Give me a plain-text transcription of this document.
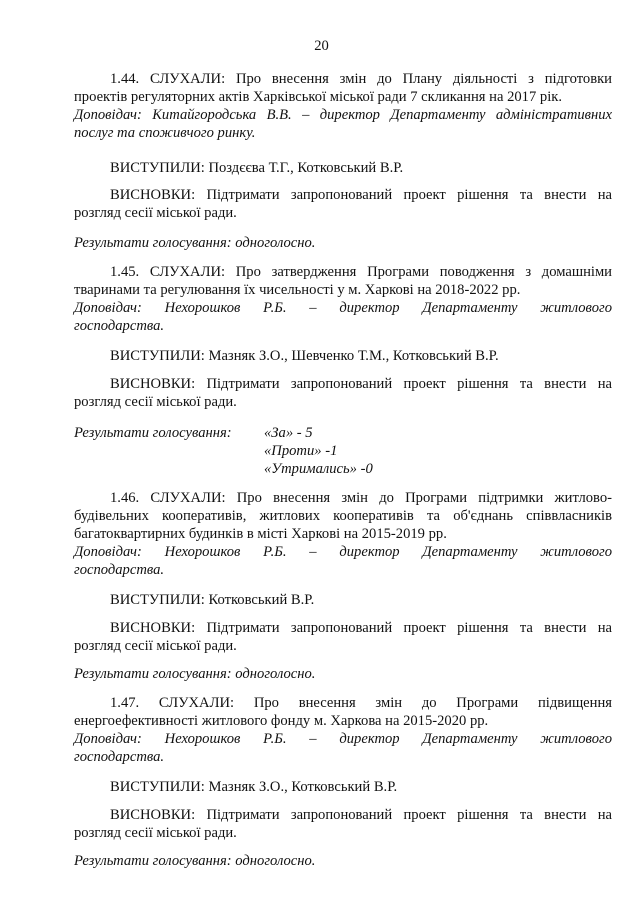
20
1.44. СЛУХАЛИ: Про внесення змін до Плану діяльності з підготовки
проектів регуляторних актів Харківської міської ради 7 скликання на 2017 рік.
Доповідач: Китайгородська В.В. – директор Департаменту адміністративних
послуг та споживчого ринку.
ВИСТУПИЛИ: Поздєєва Т.Г., Котковський В.Р.
ВИСНОВКИ: Підтримати запропонований проект рішення та внести на
розгляд сесії міської ради.
Результати голосування: одноголосно.
1.45. СЛУХАЛИ: Про затвердження Програми поводження з домашніми
тваринами та регулювання їх чисельності у м. Харкові на 2018-2022 рр.
Доповідач: Нехорошков Р.Б. – директор Департаменту житлового
господарства.
ВИСТУПИЛИ: Мазняк З.О., Шевченко Т.М., Котковський В.Р.
ВИСНОВКИ: Підтримати запропонований проект рішення та внести на
розгляд сесії міської ради.
Результати голосування: «За» - 5
«Проти» -1
«Утримались» -0
1.46. СЛУХАЛИ: Про внесення змін до Програми підтримки житлово-
будівельних кооперативів, житлових кооперативів та об'єднань співвласників
багатоквартирних будинків в місті Харкові на 2015-2019 рр.
Доповідач: Нехорошков Р.Б. – директор Департаменту житлового
господарства.
ВИСТУПИЛИ: Котковський В.Р.
ВИСНОВКИ: Підтримати запропонований проект рішення та внести на
розгляд сесії міської ради.
Результати голосування: одноголосно.
1.47. СЛУХАЛИ: Про внесення змін до Програми підвищення
енергоефективності житлового фонду м. Харкова на 2015-2020 рр.
Доповідач: Нехорошков Р.Б. – директор Департаменту житлового
господарства.
ВИСТУПИЛИ: Мазняк З.О., Котковський В.Р.
ВИСНОВКИ: Підтримати запропонований проект рішення та внести на
розгляд сесії міської ради.
Результати голосування: одноголосно.
